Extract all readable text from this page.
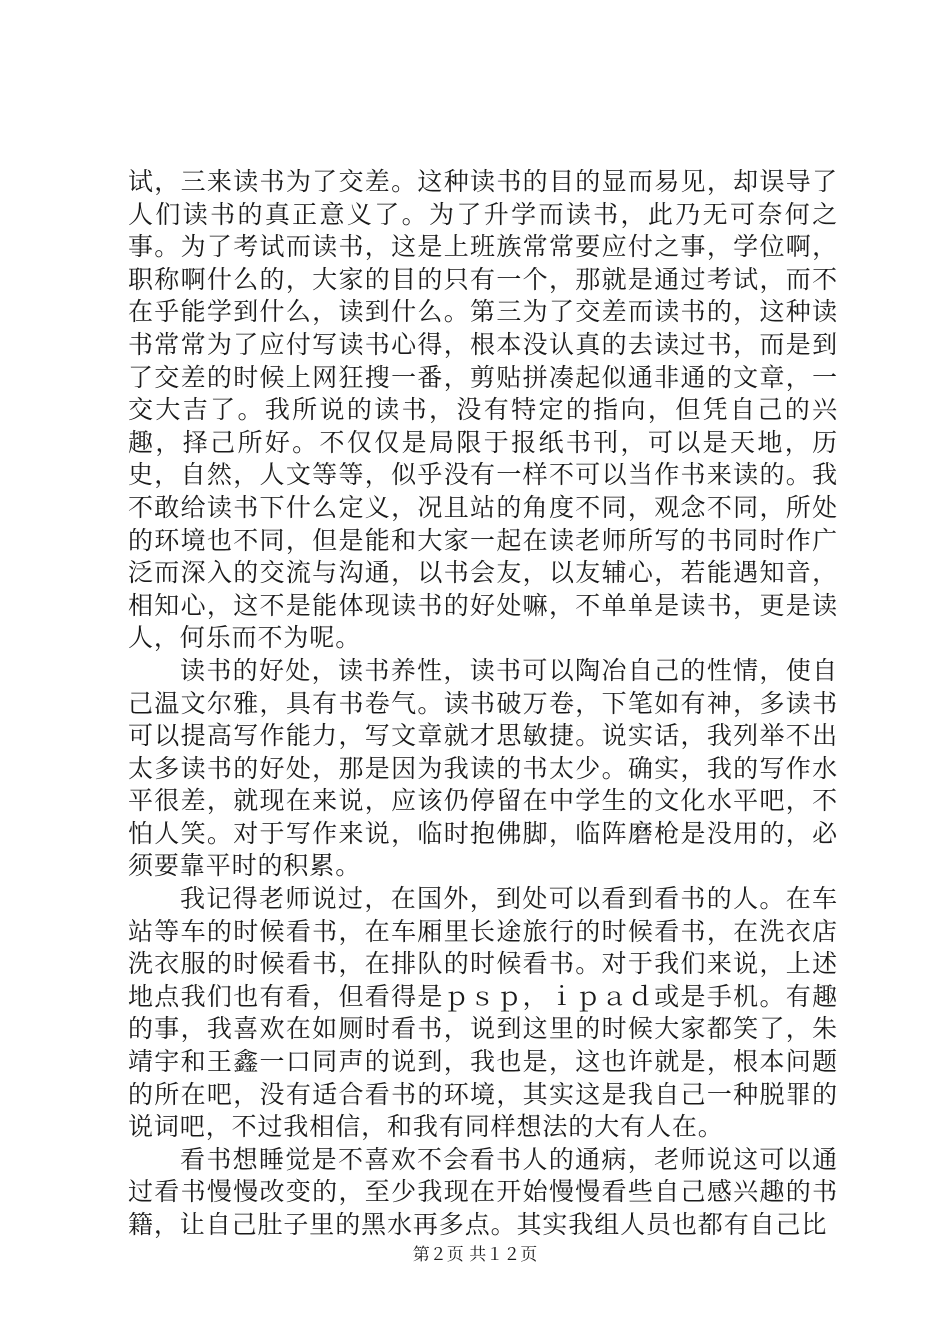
试，三来读书为了交差。这种读书的目的显而易见，却误导了人们读书的真正意义了。为了升学而读书，此乃无可奈何之事。为了考试而读书，这是上班族常常要应付之事，学位啊，职称啊什么的，大家的目的只有一个，那就是通过考试，而不在乎能学到什么，读到什么。第三为了交差而读书的，这种读书常常为了应付写读书心得，根本没认真的去读过书，而是到了交差的时候上网狂搜一番，剪贴拼凑起似通非通的文章，一交大吉了。我所说的读书，没有特定的指向，但凭自己的兴趣，择己所好。不仅仅是局限于报纸书刊，可以是天地，历史，自然，人文等等，似乎没有一样不可以当作书来读的。我不敢给读书下什么定义，况且站的角度不同，观念不同，所处的环境也不同，但是能和大家一起在读老师所写的书同时作广泛而深入的交流与沟通，以书会友，以友辅心，若能遇知音，相知心，这不是能体现读书的好处嘛，不单单是读书，更是读人，何乐而不为呢。

读书的好处，读书养性，读书可以陶冶自己的性情，使自己温文尔雅，具有书卷气。读书破万卷，下笔如有神，多读书可以提高写作能力，写文章就才思敏捷。说实话，我列举不出太多读书的好处，那是因为我读的书太少。确实，我的写作水平很差，就现在来说，应该仍停留在中学生的文化水平吧，不怕人笑。对于写作来说，临时抱佛脚，临阵磨枪是没用的，必须要靠平时的积累。

我记得老师说过，在国外，到处可以看到看书的人。在车站等车的时候看书，在车厢里长途旅行的时候看书，在洗衣店洗衣服的时候看书，在排队的时候看书。对于我们来说，上述地点我们也有看，但看得是ｐｓｐ，ｉｐａｄ或是手机。有趣的事，我喜欢在如厕时看书，说到这里的时候大家都笑了，朱靖宇和王鑫一口同声的说到，我也是，这也许就是，根本问题的所在吧，没有适合看书的环境，其实这是我自己一种脱罪的说词吧，不过我相信，和我有同样想法的大有人在。

看书想睡觉是不喜欢不会看书人的通病，老师说这可以通过看书慢慢改变的，至少我现在开始慢慢看些自己感兴趣的书籍，让自己肚子里的黑水再多点。其实我组人员也都有自己比

第２页 共１２页
